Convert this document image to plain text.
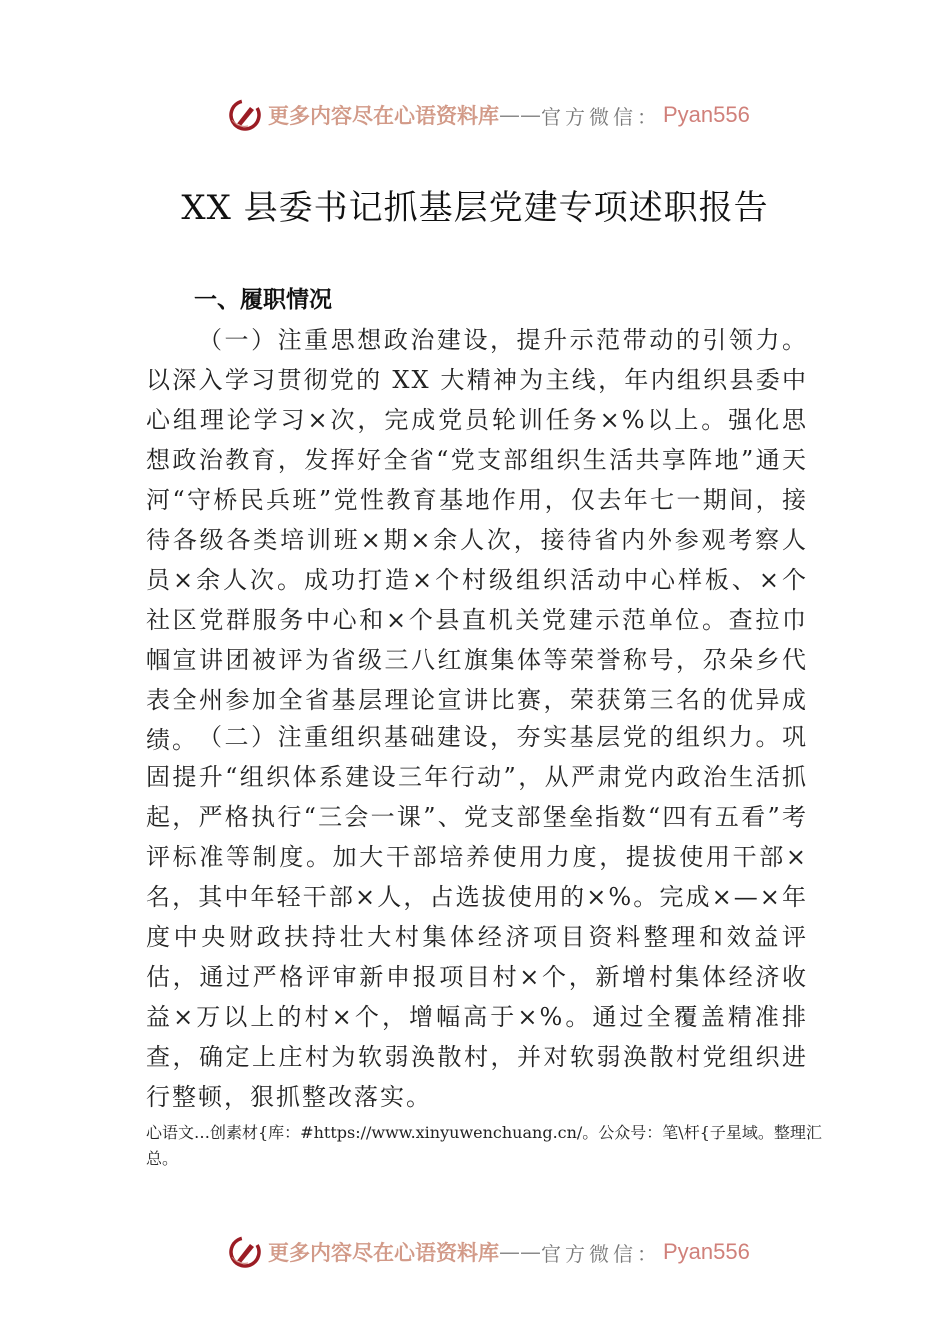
更多内容尽在心语资料库 —— 官方微信： Pyan556
XX 县委书记抓基层党建专项述职报告
一、履职情况

（一）注重思想政治建设，提升示范带动的引领力。以深入学习贯彻党的 XX 大精神为主线，年内组织县委中心组理论学习×次，完成党员轮训任务×%以上。强化思想政治教育，发挥好全省“党支部组织生活共享阵地”通天河“守桥民兵班”党性教育基地作用，仅去年七一期间，接待各级各类培训班×期×余人次，接待省内外参观考察人员×余人次。成功打造×个村级组织活动中心样板、×个社区党群服务中心和×个县直机关党建示范单位。查拉巾帼宣讲团被评为省级三八红旗集体等荣誉称号，尕朵乡代表全州参加全省基层理论宣讲比赛，荣获第三名的优异成绩。 （二）注重组织基础建设，夯实基层党的组织力。巩固提升“组织体系建设三年行动”，从严肃党内政治生活抓起，严格执行“三会一课”、党支部堡垒指数“四有五看”考评标准等制度。加大干部培养使用力度，提拔使用干部×名，其中年轻干部×人，占选拔使用的×%。完成×—×年度中央财政扶持壮大村集体经济项目资料整理和效益评估，通过严格评审新申报项目村×个，新增村集体经济收益×万以上的村×个，增幅高于×%。通过全覆盖精准排查，确定上庄村为软弱涣散村，并对软弱涣散村党组织进行整顿，狠抓整改落实。

心语文…创素材{库：#https://www.xinyuwenchuang.cn/。公众号：笔\杆{子星域。整理汇总。

更多内容尽在心语资料库 —— 官方微信： Pyan556
